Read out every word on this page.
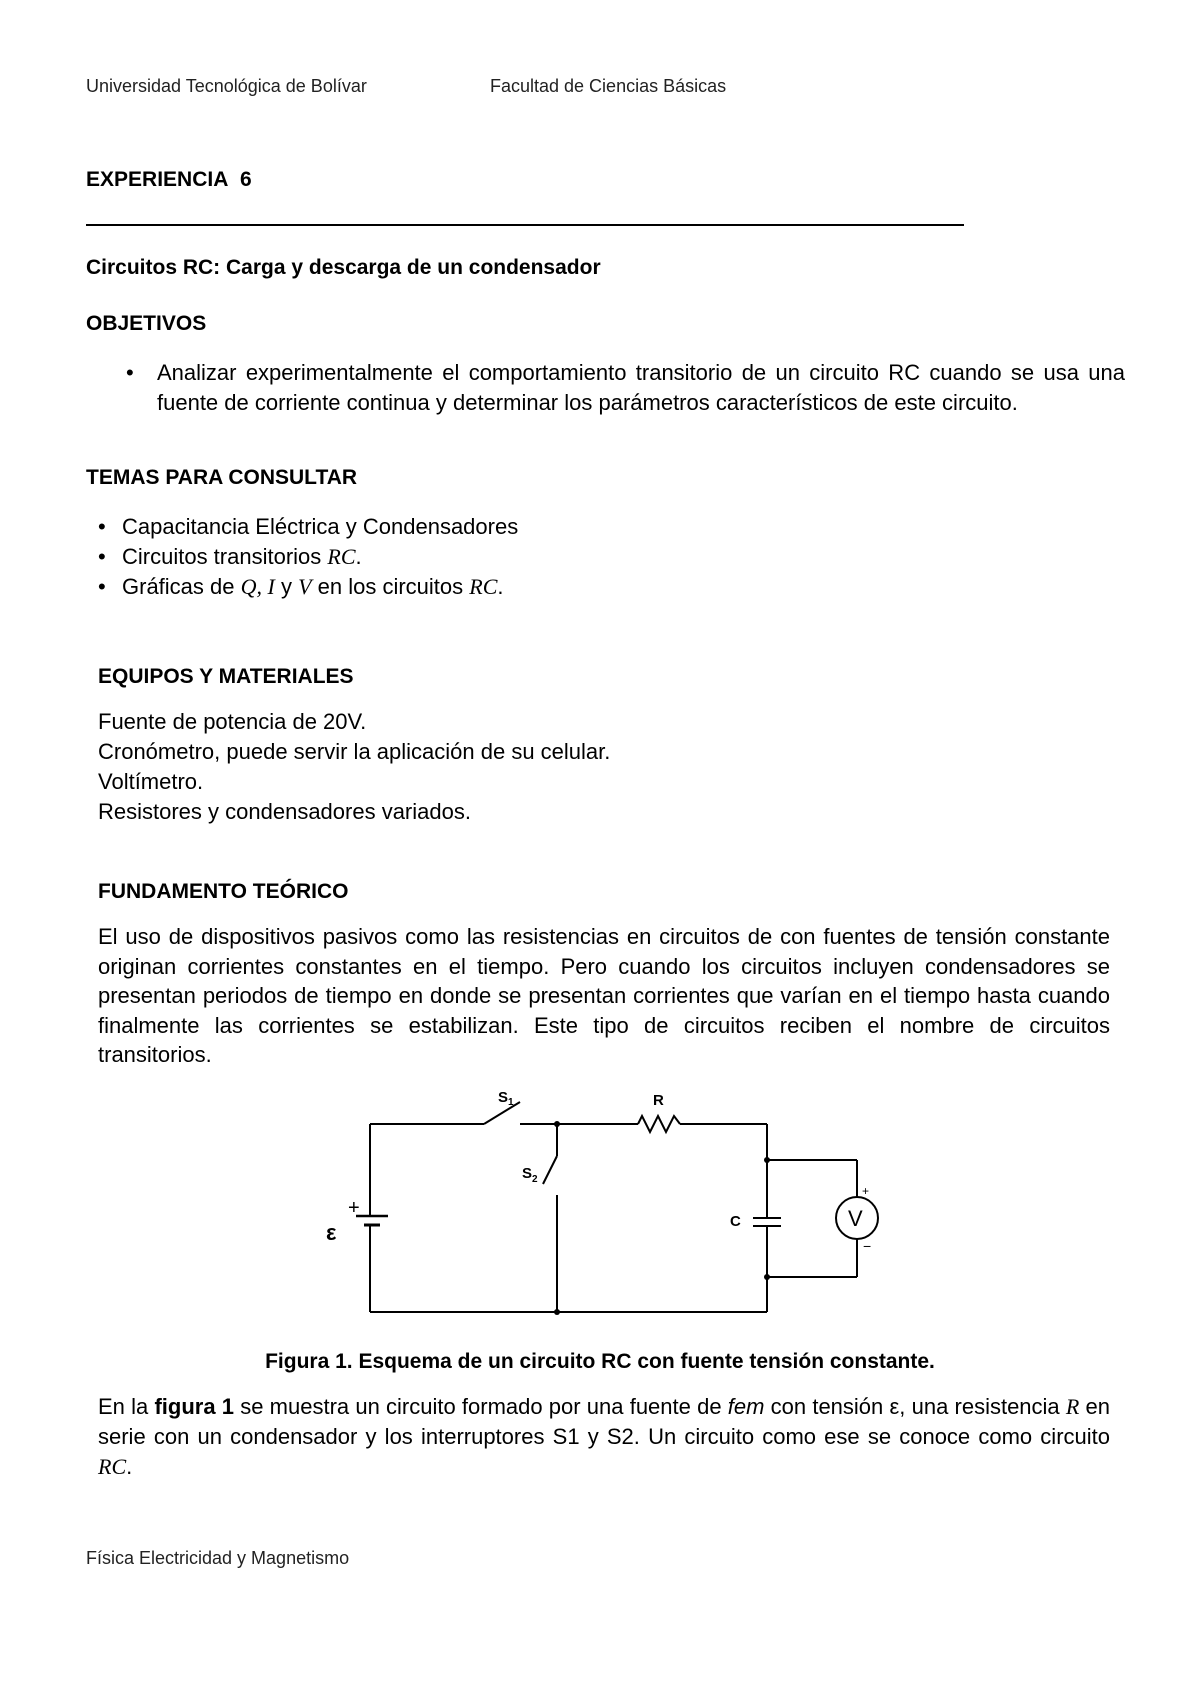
Universidad Tecnológica de Bolívar	Facultad de Ciencias Básicas
EXPERIENCIA 6
Circuitos RC: Carga y descarga de un condensador
OBJETIVOS
• Analizar experimentalmente el comportamiento transitorio de un circuito RC cuando se usa una fuente de corriente continua y determinar los parámetros característicos de este circuito.
TEMAS PARA CONSULTAR
• Capacitancia Eléctrica y Condensadores
• Circuitos transitorios RC.
• Gráficas de Q, I y V en los circuitos RC.
EQUIPOS Y MATERIALES
Fuente de potencia de 20V.
Cronómetro, puede servir la aplicación de su celular.
Voltímetro.
Resistores y condensadores variados.
FUNDAMENTO TEÓRICO
El uso de dispositivos pasivos como las resistencias en circuitos de con fuentes de tensión constante originan corrientes constantes en el tiempo. Pero cuando los circuitos incluyen condensadores se presentan periodos de tiempo en donde se presentan corrientes que varían en el tiempo hasta cuando finalmente las corrientes se estabilizan. Este tipo de circuitos reciben el nombre de circuitos transitorios.
$S_1$
$S_2$
R
C
ε
+	V
+
−
Figura 1. Esquema de un circuito RC con fuente tensión constante.
En la figura 1 se muestra un circuito formado por una fuente de fem con tensión ε, una resistencia R en serie con un condensador y los interruptores S1 y S2. Un circuito como ese se conoce como circuito RC.
Física Electricidad y Magnetismo
